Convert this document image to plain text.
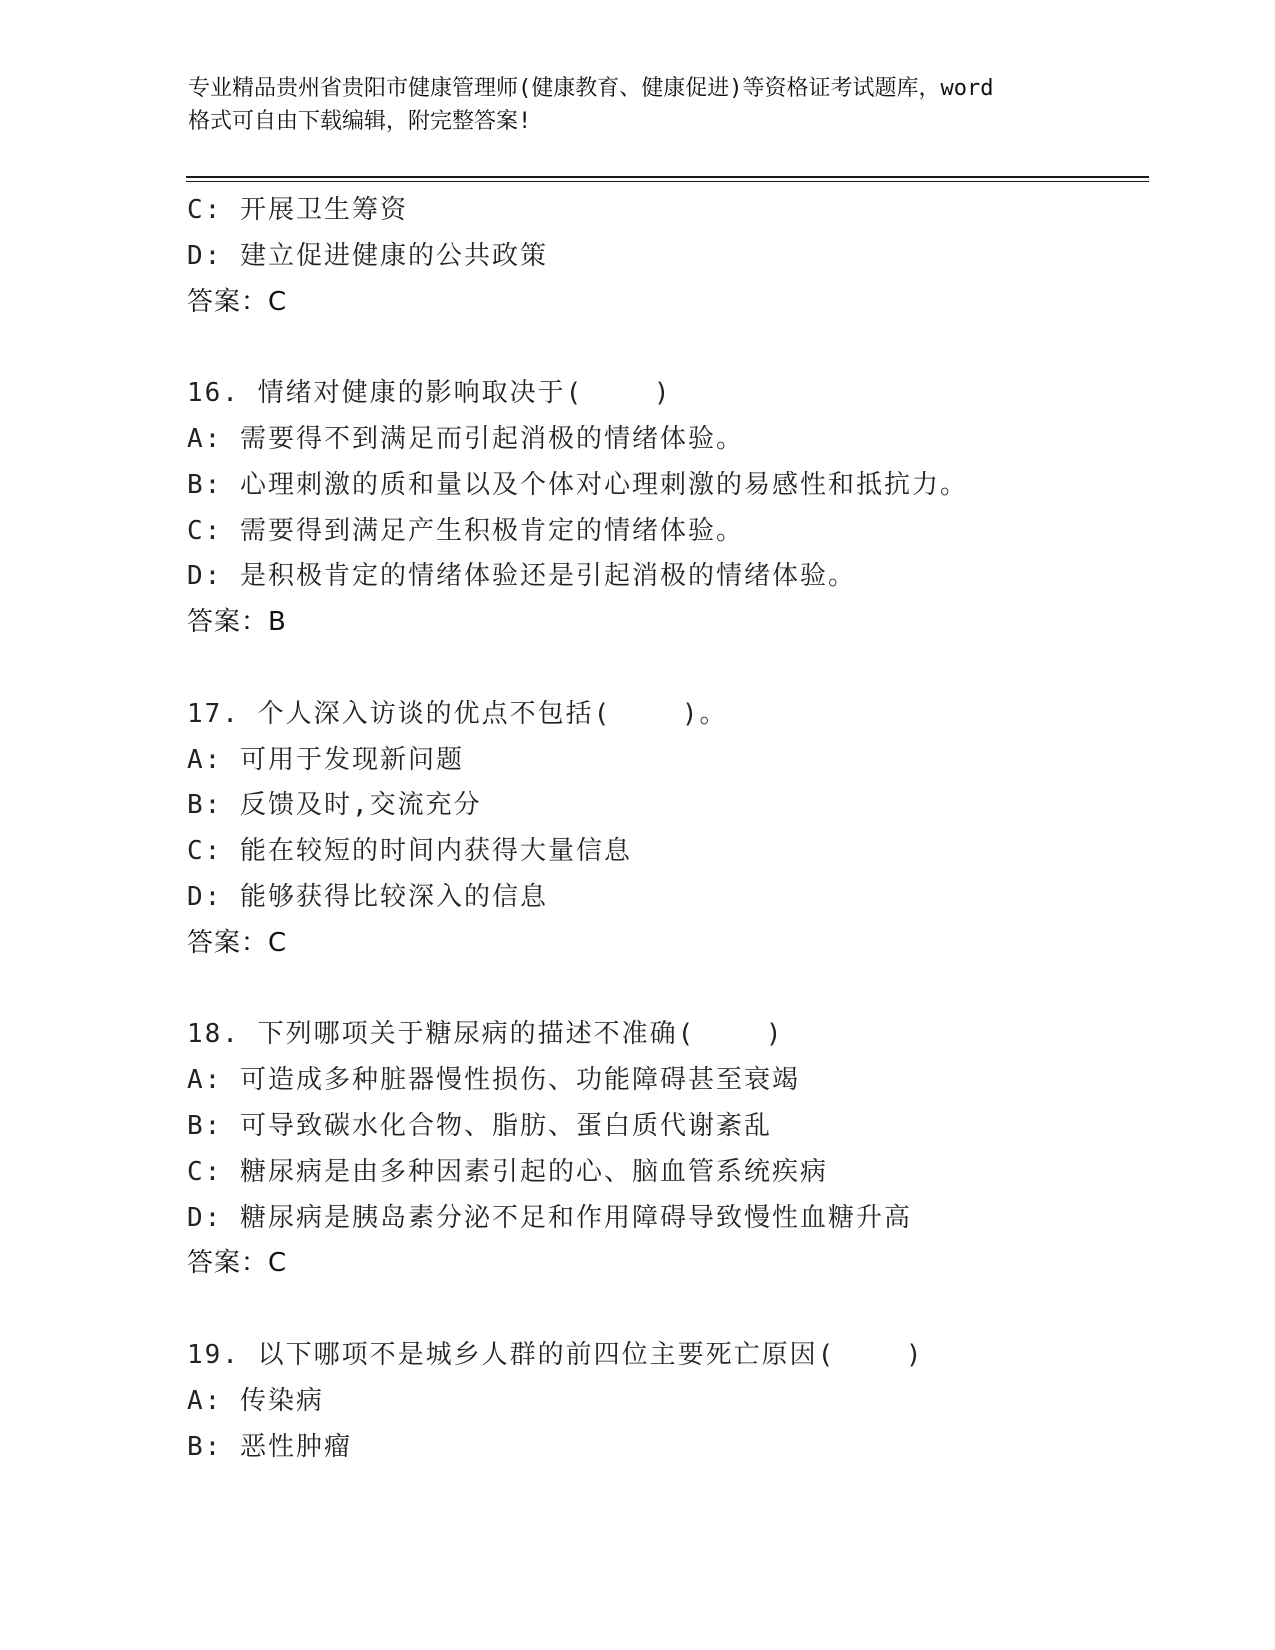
专业精品贵州省贵阳市健康管理师(健康教育、健康促进)等资格证考试题库，word
格式可自由下载编辑，附完整答案!
C: 开展卫生筹资
D: 建立促进健康的公共政策
答案：C
16. 情绪对健康的影响取决于(    )
A: 需要得不到满足而引起消极的情绪体验。
B: 心理刺激的质和量以及个体对心理刺激的易感性和抵抗力。
C: 需要得到满足产生积极肯定的情绪体验。
D: 是积极肯定的情绪体验还是引起消极的情绪体验。
答案：B
17. 个人深入访谈的优点不包括(    )。
A: 可用于发现新问题
B: 反馈及时,交流充分
C: 能在较短的时间内获得大量信息
D: 能够获得比较深入的信息
答案：C
18. 下列哪项关于糖尿病的描述不准确(    )
A: 可造成多种脏器慢性损伤、功能障碍甚至衰竭
B: 可导致碳水化合物、脂肪、蛋白质代谢紊乱
C: 糖尿病是由多种因素引起的心、脑血管系统疾病
D: 糖尿病是胰岛素分泌不足和作用障碍导致慢性血糖升高
答案：C
19. 以下哪项不是城乡人群的前四位主要死亡原因(    )
A: 传染病
B: 恶性肿瘤
